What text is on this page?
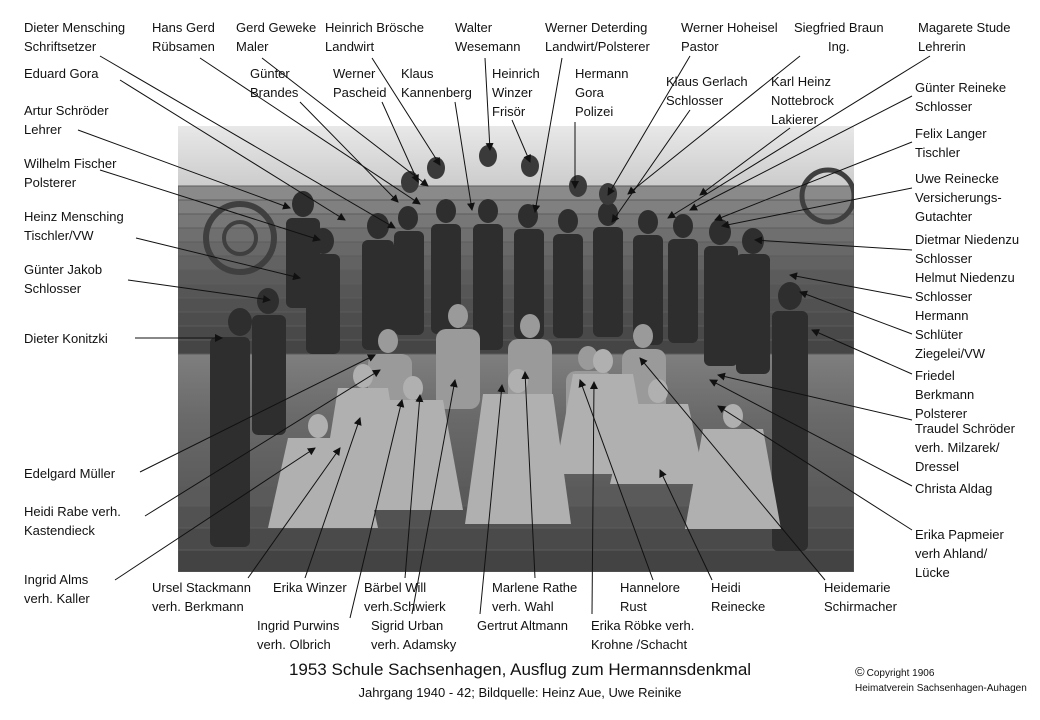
Dieter Mensching
Schriftsetzer
Hans Gerd
Rübsamen
Gerd Geweke
Maler
Heinrich Brösche
Landwirt
Walter
Wesemann
Werner Deterding
Landwirt/Polsterer
Werner Hoheisel
Pastor
Siegfried Braun
Ing.
Magarete Stude
Lehrerin
Eduard Gora	Günter
Brandes
Werner
Pascheid
Klaus
Kannenberg
Heinrich
Winzer
Frisör
Hermann
Gora
Polizei
Klaus Gerlach
Schlosser
Karl Heinz
Nottebrock
Lakierer
Günter Reineke
Schlosser
Artur Schröder
Lehrer	Felix Langer
Tischler
Wilhelm Fischer
Polsterer	Uwe Reinecke
Versicherungs-
Gutachter
Heinz Mensching
Tischler/VW	Dietmar Niedenzu
Schlosser
Günter Jakob
Schlosser
Helmut Niedenzu
Schlosser
Hermann
Schlüter
Ziegelei/VW
Dieter Konitzki
Friedel
Berkmann
Polsterer
Traudel Schröder
verh. Milzarek/
Dressel
Edelgard Müller
Christa Aldag
Heidi Rabe verh.
Kastendieck	Erika Papmeier
verh Ahland/
Lücke
Ingrid Alms
verh. Kaller
Ursel Stackmann
verh. Berkmann
Erika Winzer Bärbel Will
verh.Schwierk
Marlene Rathe
verh. Wahl
Hannelore
Rust
Heidi
Reinecke
Heidemarie
Schirmacher
Ingrid Purwins
verh. Olbrich
Sigrid Urban
verh. Adamsky
Gertrut Altmann Erika Röbke verh.
Krohne /Schacht
1953 Schule Sachsenhagen, Ausflug zum Hermannsdenkmal
Jahrgang 1940 - 42; Bildquelle: Heinz Aue, Uwe Reinike
© Copyright 1906
Heimatverein Sachsenhagen-Auhagen
